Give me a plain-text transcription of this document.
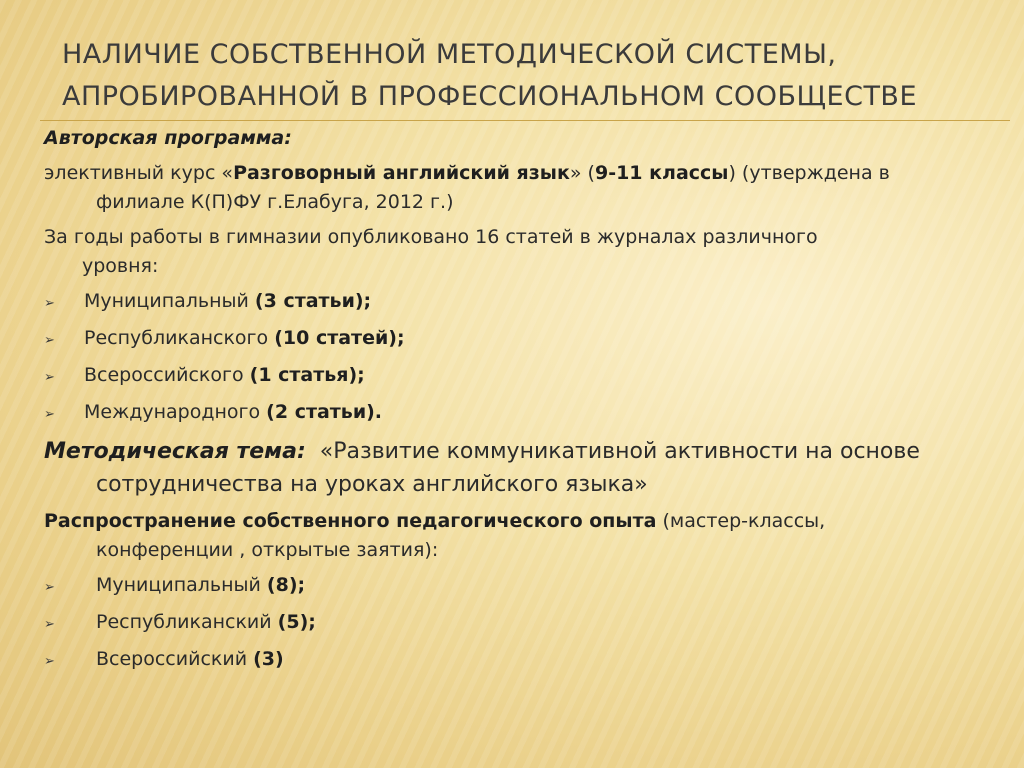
НАЛИЧИЕ СОБСТВЕННОЙ МЕТОДИЧЕСКОЙ СИСТЕМЫ,
АПРОБИРОВАННОЙ В ПРОФЕССИОНАЛЬНОМ СООБЩЕСТВЕ
Авторская программа:
элективный курс «Разговорный английский язык» (9-11 классы) (утверждена в
филиале К(П)ФУ г.Елабуга, 2012 г.)
За годы работы в гимназии опубликовано 16 статей в журналах различного
уровня:
➢	Муниципальный (3 статьи);
➢	Республиканского (10 статей);
➢	Всероссийского (1 статья);
➢	Международного (2 статьи).
Методическая тема: «Развитие коммуникативной активности на основе
сотрудничества на уроках английского языка»
Распространение собственного педагогического опыта (мастер-классы,
конференции , открытые заятия):
➢	Муниципальный (8);
➢	Республиканский (5);
➢	Всероссийский (3)
